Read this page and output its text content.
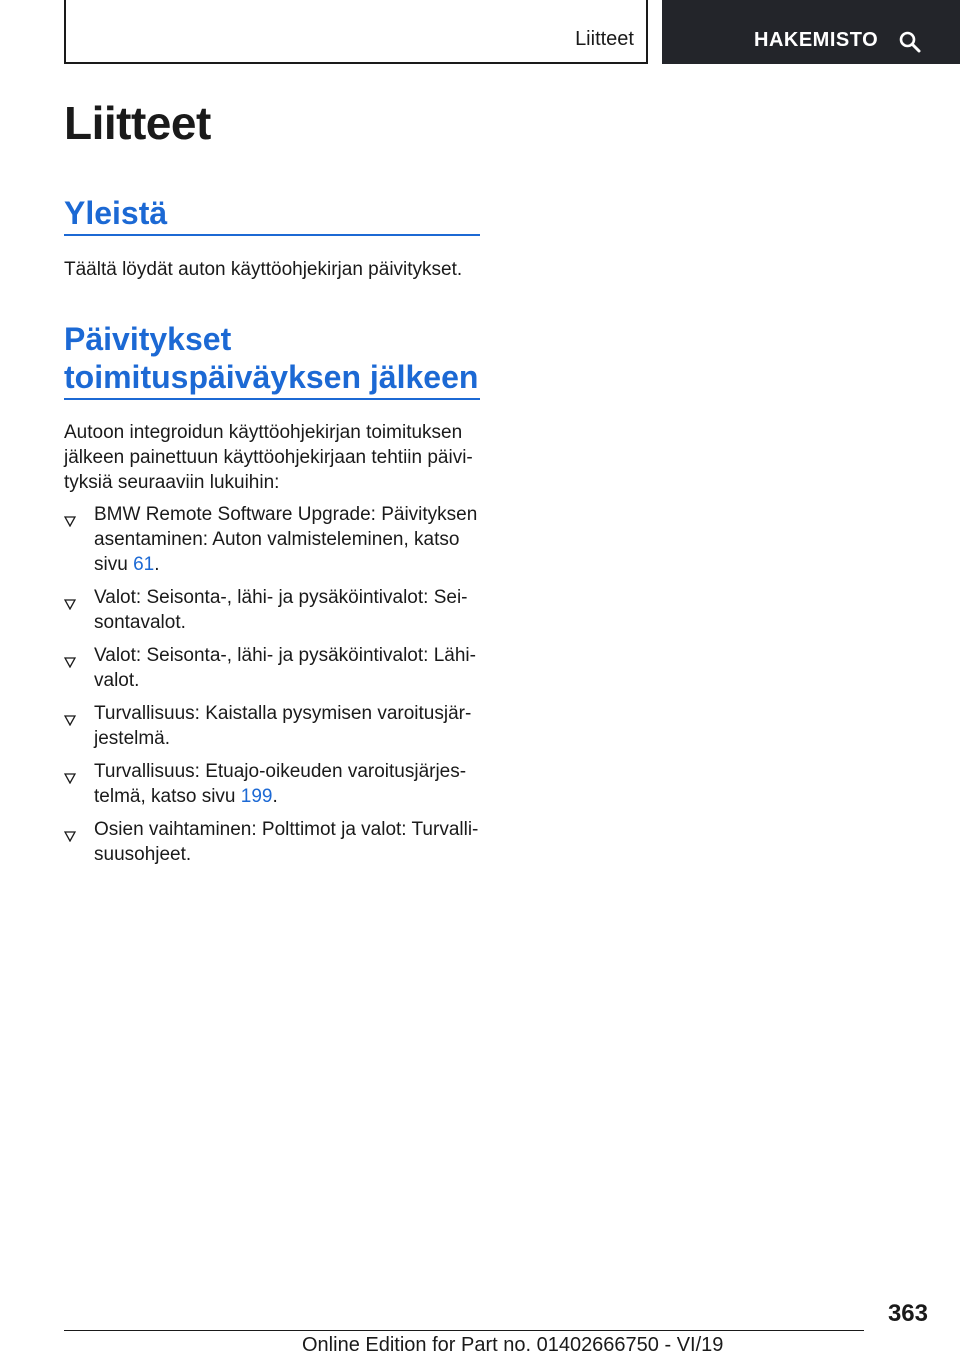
Liitteet	HAKEMISTO
Liitteet
Yleistä

Täältä löydät auton käyttöohjekirjan päivitykset.

Päivitykset
toimituspäiväyksen jälkeen

Autoon integroidun käyttöohjekirjan toimituksen jälkeen painettuun käyttöohjekirjaan tehtiin päivi-tyksiä seuraaviin lukuihin:

BMW Remote Software Upgrade: Päivityksen asentaminen: Auton valmisteleminen, katso sivu 61.
Valot: Seisonta-, lähi- ja pysäköintivalot: Sei-sontavalot.
Valot: Seisonta-, lähi- ja pysäköintivalot: Lähi-valot.
Turvallisuus: Kaistalla pysymisen varoitusjär-jestelmä.
Turvallisuus: Etuajo-oikeuden varoitusjärjes-telmä, katso sivu 199.
Osien vaihtaminen: Polttimot ja valot: Turvalli-suusohjeet.
363
Online Edition for Part no. 01402666750 - VI/19
